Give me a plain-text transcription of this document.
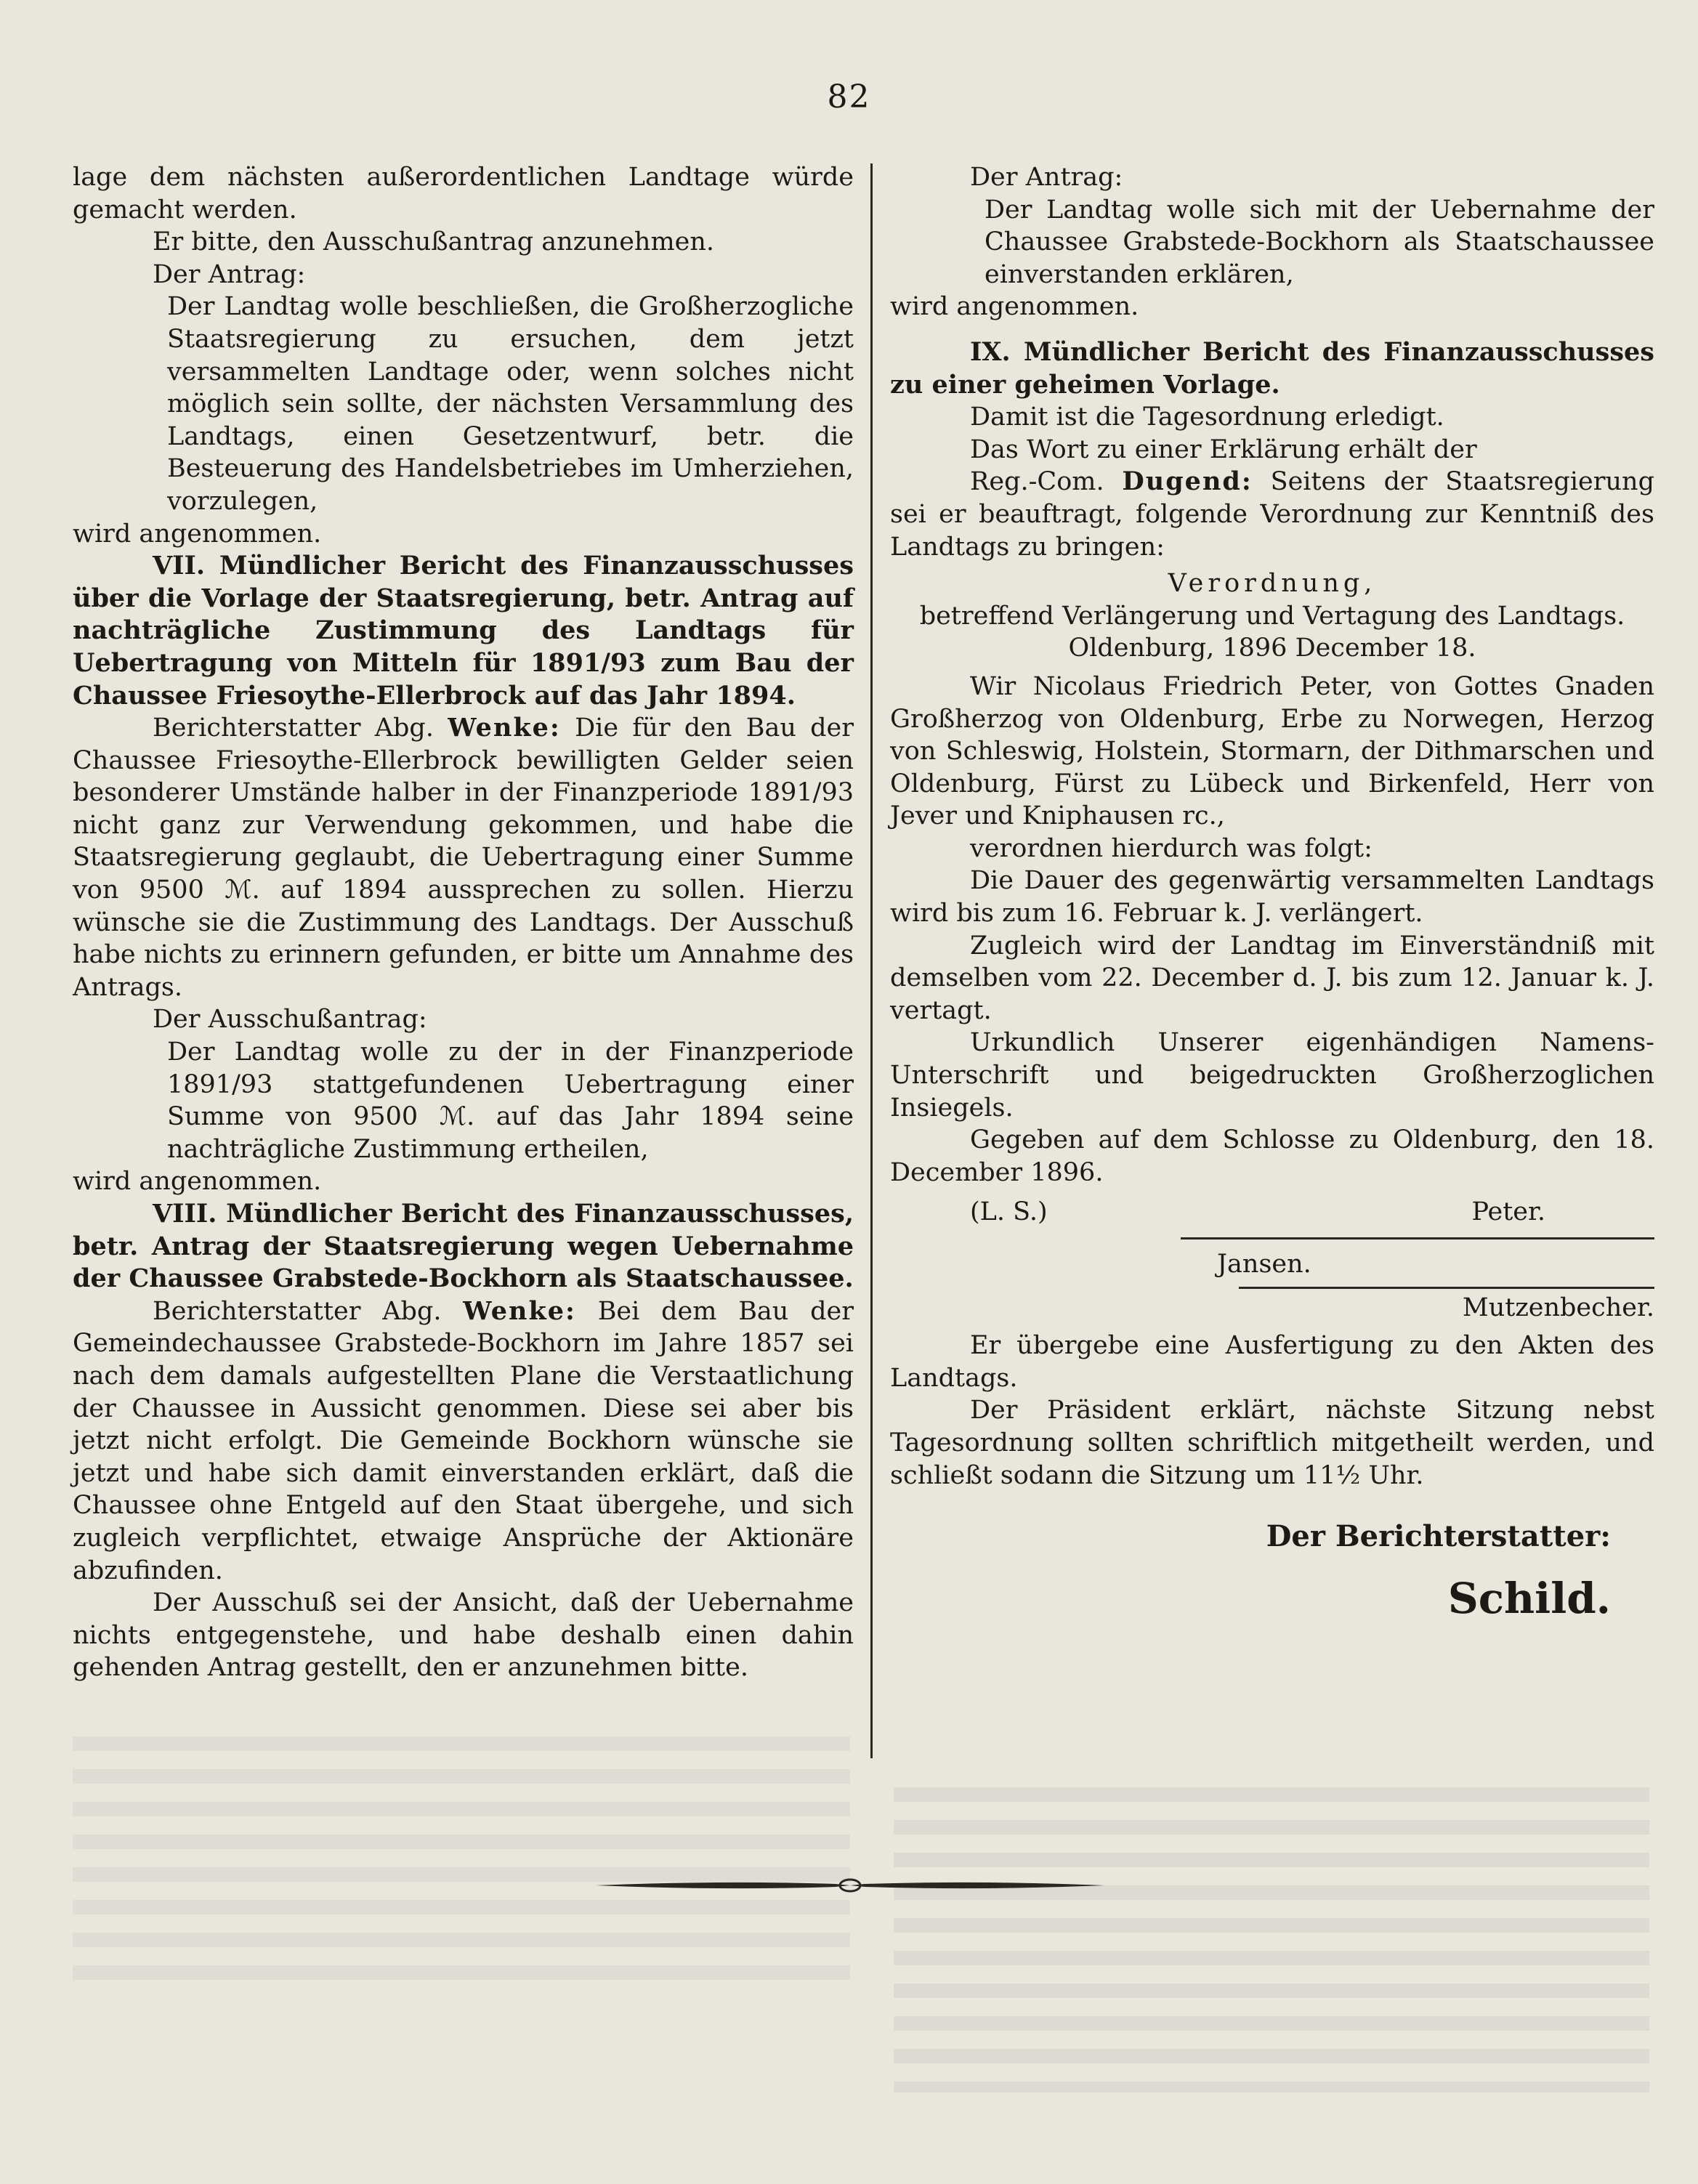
82

lage dem nächsten außerordentlichen Landtage würde gemacht werden.

Er bitte, den Ausschußantrag anzunehmen.

Der Antrag:

Der Landtag wolle beschließen, die Großherzogliche Staatsregierung zu ersuchen, dem jetzt versammelten Landtage oder, wenn solches nicht möglich sein sollte, der nächsten Versammlung des Landtags, einen Gesetzentwurf, betr. die Besteuerung des Handelsbetriebes im Umherziehen, vorzulegen,

wird angenommen.

VII. Mündlicher Bericht des Finanzausschusses über die Vorlage der Staatsregierung, betr. Antrag auf nachträgliche Zustimmung des Landtags für Uebertragung von Mitteln für 1891/93 zum Bau der Chaussee Friesoythe-Ellerbrock auf das Jahr 1894.

Berichterstatter Abg. Wenke: Die für den Bau der Chaussee Friesoythe-Ellerbrock bewilligten Gelder seien besonderer Umstände halber in der Finanzperiode 1891/93 nicht ganz zur Verwendung gekommen, und habe die Staatsregierung geglaubt, die Uebertragung einer Summe von 9500 ℳ. auf 1894 aussprechen zu sollen. Hierzu wünsche sie die Zustimmung des Landtags. Der Ausschuß habe nichts zu erinnern gefunden, er bitte um Annahme des Antrags.

Der Ausschußantrag:

Der Landtag wolle zu der in der Finanzperiode 1891/93 stattgefundenen Uebertragung einer Summe von 9500 ℳ. auf das Jahr 1894 seine nachträgliche Zustimmung ertheilen,

wird angenommen.

VIII. Mündlicher Bericht des Finanzausschusses, betr. Antrag der Staatsregierung wegen Uebernahme der Chaussee Grabstede-Bockhorn als Staatschaussee.

Berichterstatter Abg. Wenke: Bei dem Bau der Gemeindechaussee Grabstede-Bockhorn im Jahre 1857 sei nach dem damals aufgestellten Plane die Verstaatlichung der Chaussee in Aussicht genommen. Diese sei aber bis jetzt nicht erfolgt. Die Gemeinde Bockhorn wünsche sie jetzt und habe sich damit einverstanden erklärt, daß die Chaussee ohne Entgeld auf den Staat übergehe, und sich zugleich verpflichtet, etwaige Ansprüche der Aktionäre abzufinden.

Der Ausschuß sei der Ansicht, daß der Uebernahme nichts entgegenstehe, und habe deshalb einen dahin gehenden Antrag gestellt, den er anzunehmen bitte.

Der Antrag:

Der Landtag wolle sich mit der Uebernahme der Chaussee Grabstede-Bockhorn als Staatschaussee einverstanden erklären,

wird angenommen.

IX. Mündlicher Bericht des Finanzausschusses zu einer geheimen Vorlage.

Damit ist die Tagesordnung erledigt.

Das Wort zu einer Erklärung erhält der

Reg.-Com. Dugend: Seitens der Staatsregierung sei er beauftragt, folgende Verordnung zur Kenntniß des Landtags zu bringen:

Verordnung,

betreffend Verlängerung und Vertagung des Landtags.

Oldenburg, 1896 December 18.

Wir Nicolaus Friedrich Peter, von Gottes Gnaden Großherzog von Oldenburg, Erbe zu Norwegen, Herzog von Schleswig, Holstein, Stormarn, der Dithmarschen und Oldenburg, Fürst zu Lübeck und Birkenfeld, Herr von Jever und Kniphausen rc.,

verordnen hierdurch was folgt:

Die Dauer des gegenwärtig versammelten Landtags wird bis zum 16. Februar k. J. verlängert.

Zugleich wird der Landtag im Einverständniß mit demselben vom 22. December d. J. bis zum 12. Januar k. J. vertagt.

Urkundlich Unserer eigenhändigen Namens-Unterschrift und beigedruckten Großherzoglichen Insiegels.

Gegeben auf dem Schlosse zu Oldenburg, den 18. December 1896.

(L. S.)	Peter.

Jansen.

Mutzenbecher.

Er übergebe eine Ausfertigung zu den Akten des Landtags.

Der Präsident erklärt, nächste Sitzung nebst Tagesordnung sollten schriftlich mitgetheilt werden, und schließt sodann die Sitzung um 11½ Uhr.

Der Berichterstatter:

Schild.
